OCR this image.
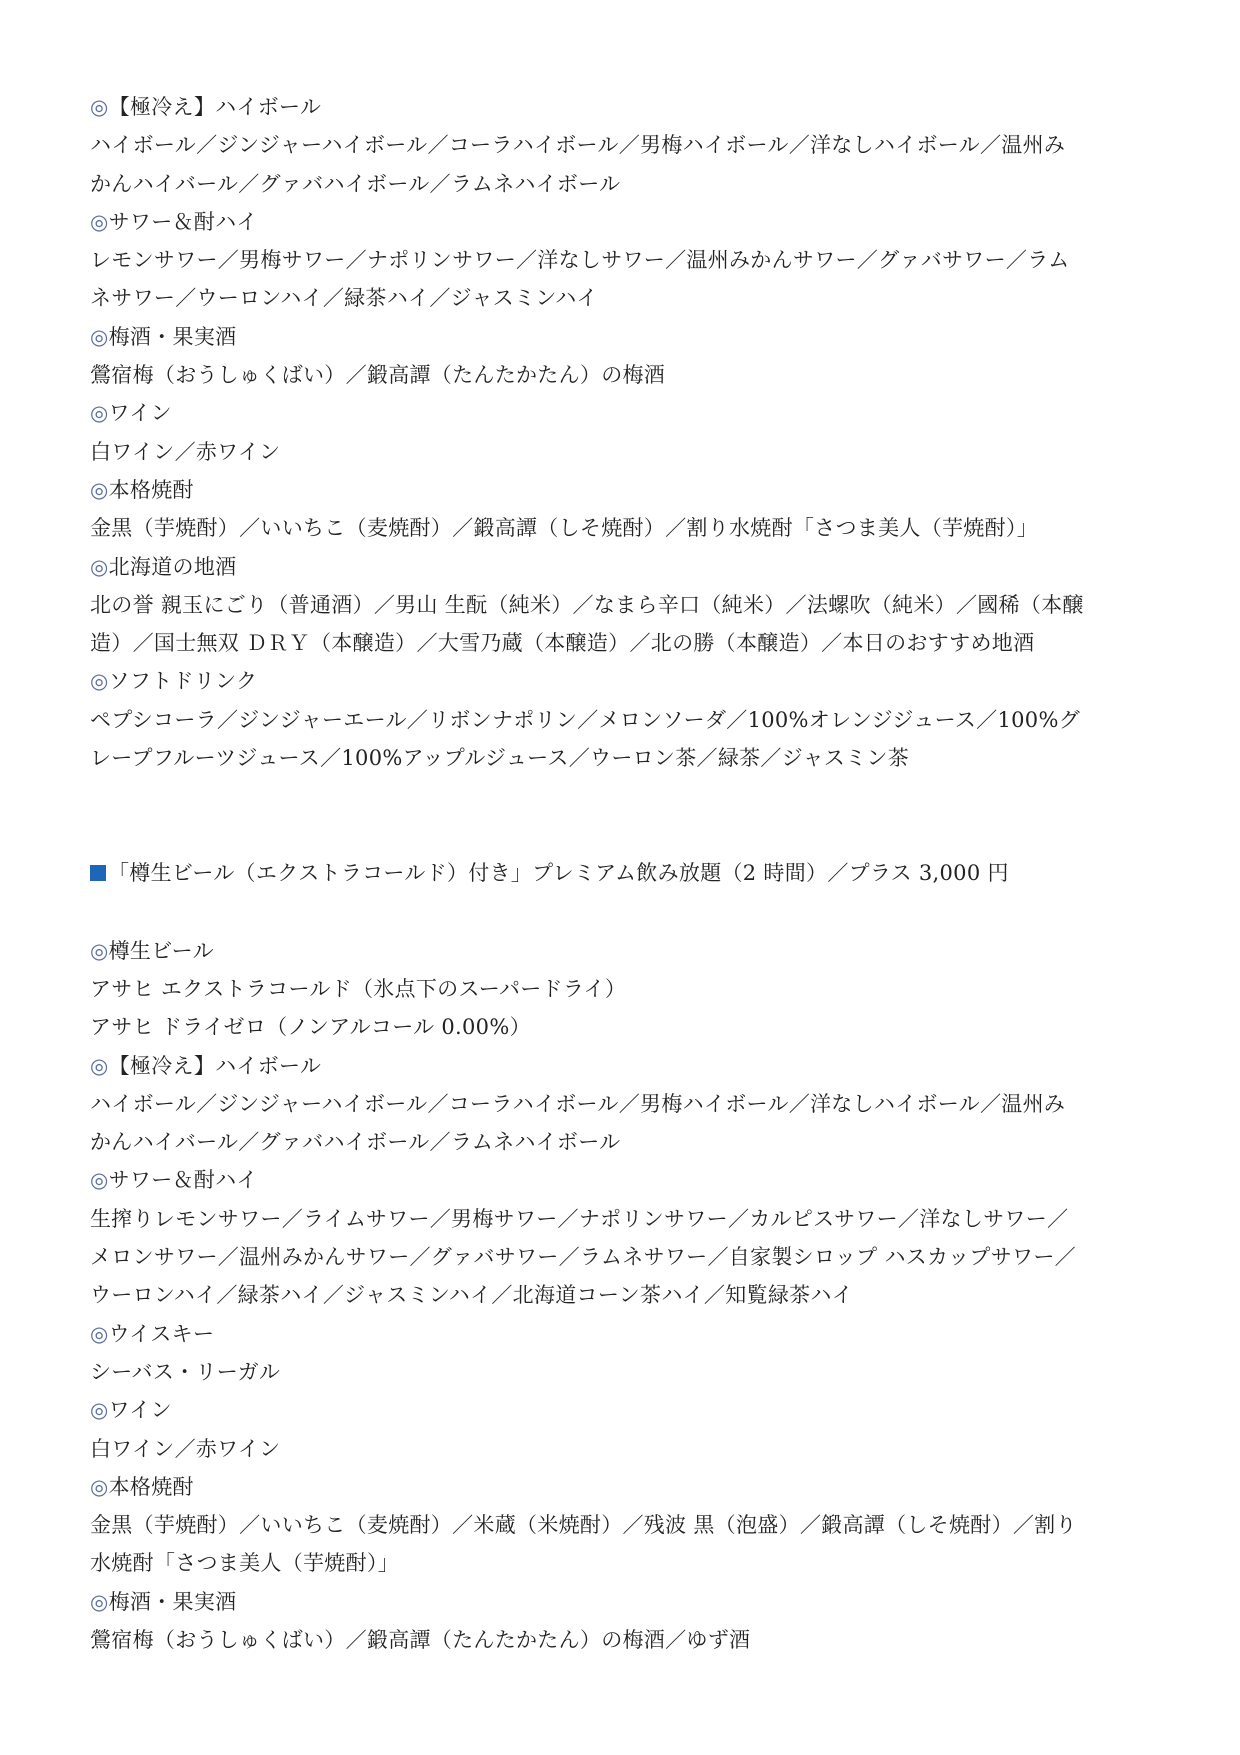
◎【極冷え】ハイボール
ハイボール／ジンジャーハイボール／コーラハイボール／男梅ハイボール／洋なしハイボール／温州み
かんハイバール／グァバハイボール／ラムネハイボール
◎サワー＆酎ハイ
レモンサワー／男梅サワー／ナポリンサワー／洋なしサワー／温州みかんサワー／グァバサワー／ラム
ネサワー／ウーロンハイ／緑茶ハイ／ジャスミンハイ
◎梅酒・果実酒
鶯宿梅（おうしゅくばい）／鍛高譚（たんたかたん）の梅酒
◎ワイン
白ワイン／赤ワイン
◎本格焼酎
金黒（芋焼酎）／いいちこ（麦焼酎）／鍛高譚（しそ焼酎）／割り水焼酎「さつま美人（芋焼酎）」
◎北海道の地酒
北の誉 親玉にごり（普通酒）／男山 生酛（純米）／なまら辛口（純米）／法螺吹（純米）／國稀（本醸
造）／国士無双 ＤＲＹ（本醸造）／大雪乃蔵（本醸造）／北の勝（本醸造）／本日のおすすめ地酒
◎ソフトドリンク
ペプシコーラ／ジンジャーエール／リボンナポリン／メロンソーダ／100%オレンジジュース／100%グ
レープフルーツジュース／100%アップルジュース／ウーロン茶／緑茶／ジャスミン茶
「樽生ビール（エクストラコールド）付き」プレミアム飲み放題（2 時間）／プラス 3,000 円
◎樽生ビール
アサヒ エクストラコールド（氷点下のスーパードライ）
アサヒ ドライゼロ（ノンアルコール 0.00%）
◎【極冷え】ハイボール
ハイボール／ジンジャーハイボール／コーラハイボール／男梅ハイボール／洋なしハイボール／温州み
かんハイバール／グァバハイボール／ラムネハイボール
◎サワー＆酎ハイ
生搾りレモンサワー／ライムサワー／男梅サワー／ナポリンサワー／カルピスサワー／洋なしサワー／
メロンサワー／温州みかんサワー／グァバサワー／ラムネサワー／自家製シロップ ハスカップサワー／
ウーロンハイ／緑茶ハイ／ジャスミンハイ／北海道コーン茶ハイ／知覧緑茶ハイ
◎ウイスキー
シーバス・リーガル
◎ワイン
白ワイン／赤ワイン
◎本格焼酎
金黒（芋焼酎）／いいちこ（麦焼酎）／米蔵（米焼酎）／残波 黒（泡盛）／鍛高譚（しそ焼酎）／割り
水焼酎「さつま美人（芋焼酎）」
◎梅酒・果実酒
鶯宿梅（おうしゅくばい）／鍛高譚（たんたかたん）の梅酒／ゆず酒
